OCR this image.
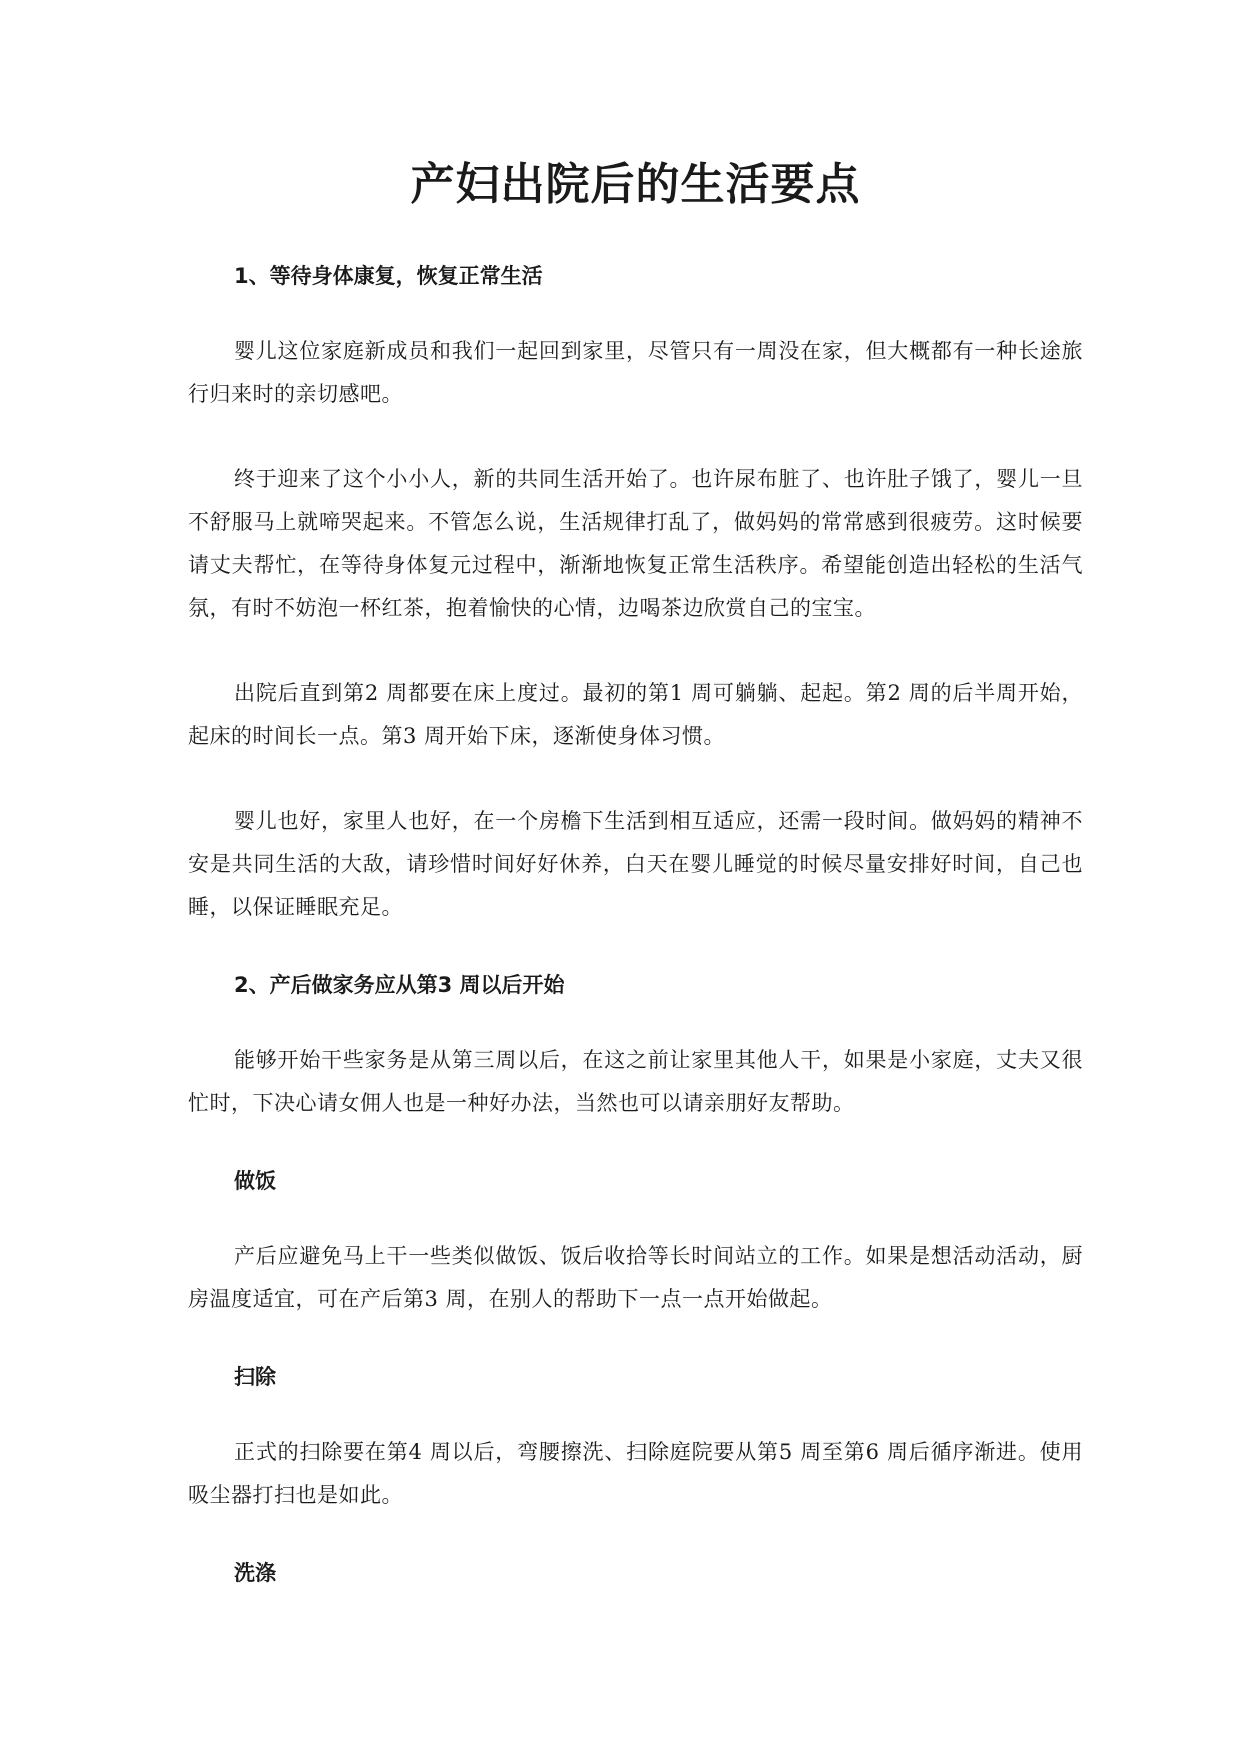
产妇出院后的生活要点
1、等待身体康复，恢复正常生活

婴儿这位家庭新成员和我们一起回到家里，尽管只有一周没在家，但大概都有一种长途旅行归来时的亲切感吧。

终于迎来了这个小小人，新的共同生活开始了。也许尿布脏了、也许肚子饿了，婴儿一旦不舒服马上就啼哭起来。不管怎么说，生活规律打乱了，做妈妈的常常感到很疲劳。这时候要请丈夫帮忙，在等待身体复元过程中，渐渐地恢复正常生活秩序。希望能创造出轻松的生活气氛，有时不妨泡一杯红茶，抱着愉快的心情，边喝茶边欣赏自己的宝宝。

出院后直到第2 周都要在床上度过。最初的第1 周可躺躺、起起。第2 周的后半周开始，起床的时间长一点。第3 周开始下床，逐渐使身体习惯。

婴儿也好，家里人也好，在一个房檐下生活到相互适应，还需一段时间。做妈妈的精神不安是共同生活的大敌，请珍惜时间好好休养，白天在婴儿睡觉的时候尽量安排好时间，自己也睡，以保证睡眠充足。

2、产后做家务应从第3 周以后开始

能够开始干些家务是从第三周以后，在这之前让家里其他人干，如果是小家庭，丈夫又很忙时，下决心请女佣人也是一种好办法，当然也可以请亲朋好友帮助。

做饭

产后应避免马上干一些类似做饭、饭后收拾等长时间站立的工作。如果是想活动活动，厨房温度适宜，可在产后第3 周，在别人的帮助下一点一点开始做起。

扫除

正式的扫除要在第4 周以后，弯腰擦洗、扫除庭院要从第5 周至第6 周后循序渐进。使用吸尘器打扫也是如此。

洗涤
